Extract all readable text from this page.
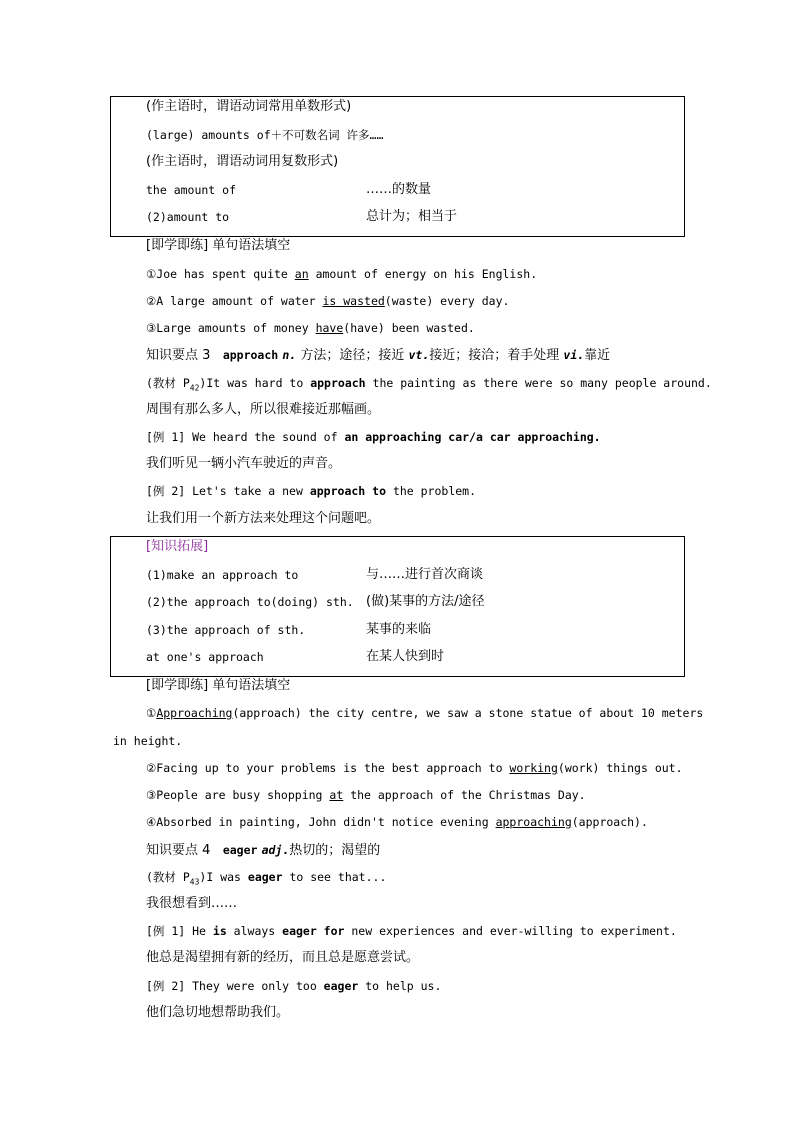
(作主语时，谓语动词常用单数形式)
(large) amounts of＋不可数名词 许多……
(作主语时，谓语动词用复数形式)
the amount of	……的数量
(2)amount to	总计为；相当于
[即学即练] 单句语法填空
①Joe has spent quite an amount of energy on his English.
②A large amount of water is wasted(waste) every day.
③Large amounts of money have(have) been wasted.
知识要点 3 approach n. 方法；途径；接近 vt.接近；接洽；着手处理 vi.靠近
(教材 $P_{42})It$ was hard to approach the painting as there were so many people around.
周围有那么多人，所以很难接近那幅画。
[例 1] We heard the sound of an approaching car/a car approaching.
我们听见一辆小汽车驶近的声音。
[例 2] Let's take a new approach to the problem.
让我们用一个新方法来处理这个问题吧。
[知识拓展]
(1)make an approach to	与……进行首次商谈
(2)the approach to(doing) sth. (做)某事的方法/途径
(3)the approach of sth.	某事的来临
at one's approach	在某人快到时
[即学即练] 单句语法填空
①Approaching(approach) the city centre, we saw a stone statue of about 10 meters
in height.
②Facing up to your problems is the best approach to working(work) things out.
③People are busy shopping at the approach of the Christmas Day.
④Absorbed in painting, John didn't notice evening approaching(approach).
知识要点 4 eager adj.热切的；渴望的
(教材 $P_{43})I$ was eager to see that...
我很想看到……
[例 1] He is always eager for new experiences and ever-willing to experiment.
他总是渴望拥有新的经历，而且总是愿意尝试。
[例 2] They were only too eager to help us.
他们急切地想帮助我们。
